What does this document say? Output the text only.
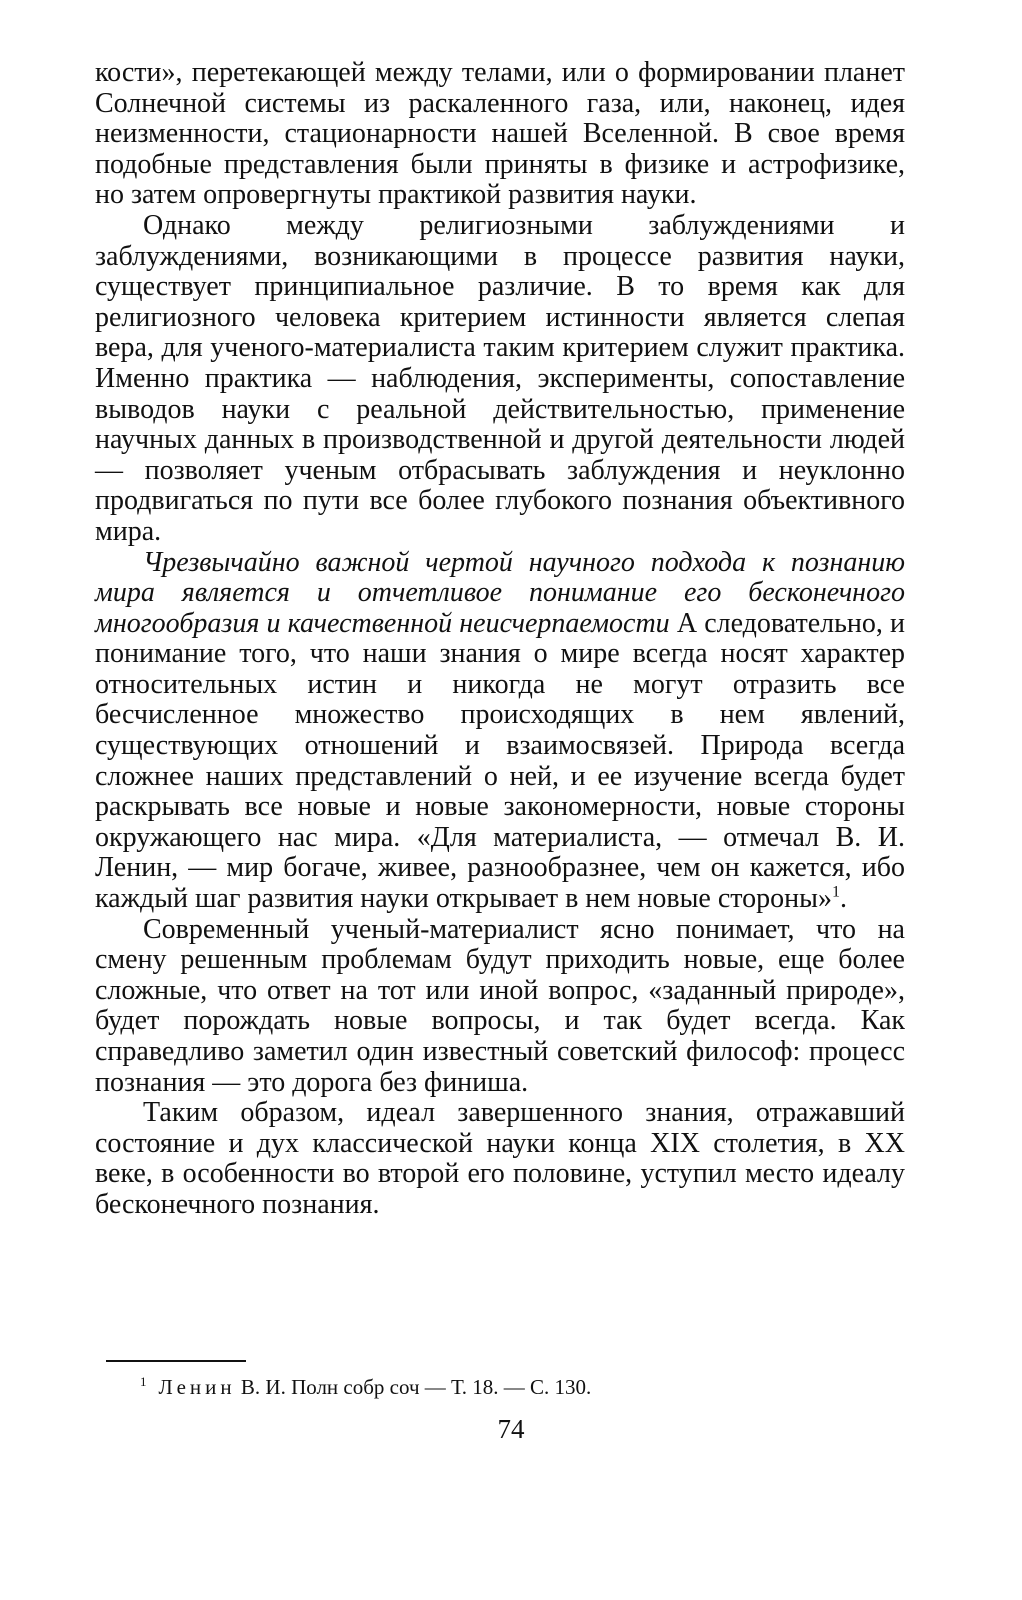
кости», перетекающей между телами, или о формировании планет Солнечной системы из раскаленного газа, или, наконец, идея неизменности, стационарности нашей Вселенной. В свое время подобные представления были приняты в физике и астрофизике, но затем опровергнуты практикой развития науки.

Однако между религиозными заблуждениями и заблуждениями, возникающими в процессе развития науки, существует принципиальное различие. В то время как для религиозного человека критерием истинности является слепая вера, для ученого-материалиста таким критерием служит практика. Именно практика — наблюдения, эксперименты, сопоставление выводов науки с реальной действительностью, применение научных данных в производственной и другой деятельности людей — позволяет ученым отбрасывать заблуждения и неуклонно продвигаться по пути все более глубокого познания объективного мира.

Чрезвычайно важной чертой научного подхода к познанию мира является и отчетливое понимание его бесконечного многообразия и качественной неисчерпаемости А следовательно, и понимание того, что наши знания о мире всегда носят характер относительных истин и никогда не могут отразить все бесчисленное множество происходящих в нем явлений, существующих отношений и взаимосвязей. Природа всегда сложнее наших представлений о ней, и ее изучение всегда будет раскрывать все новые и новые закономерности, новые стороны окружающего нас мира. «Для материалиста, — отмечал В. И. Ленин, — мир богаче, живее, разнообразнее, чем он кажется, ибо каждый шаг развития науки открывает в нем новые стороны»$^1$.

Современный ученый-материалист ясно понимает, что на смену решенным проблемам будут приходить новые, еще более сложные, что ответ на тот или иной вопрос, «заданный природе», будет порождать новые вопросы, и так будет всегда. Как справедливо заметил один известный советский философ: процесс познания — это дорога без финиша.

Таким образом, идеал завершенного знания, отражавший состояние и дух классической науки конца XIX столетия, в XX веке, в особенности во второй его половине, уступил место идеалу бесконечного познания.

$^1$ Ленин В. И. Полн собр соч — Т. 18. — С. 130.
74
